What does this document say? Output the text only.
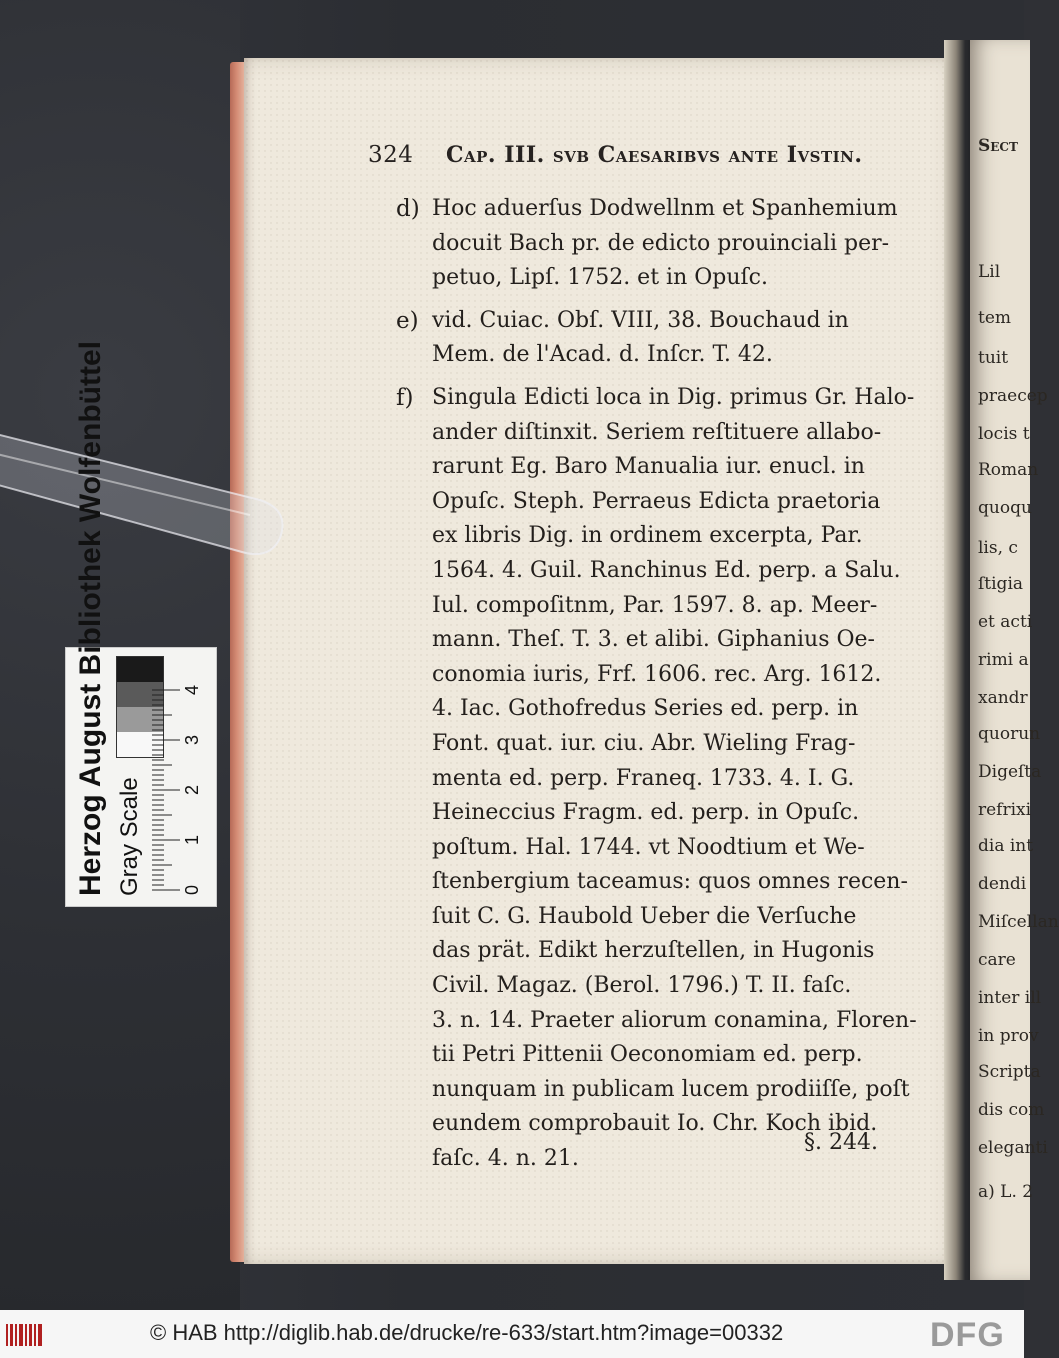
Sect
Lil
tem
tuit
praecep
locis t
Roman
quoqu
lis, c
ſtigia
et acti
rimi a
xandr
quorun
Digeſta
refrixi
dia int
dendi
Miſcellan
care
inter ill
in prov
Scripta
dis com
eleganti
a) L. 2
324 Cap. III. svb Caesaribvs ante Ivstin.
d) Hoc aduerſus Dodwellnm et Spanhemium
docuit Bach pr. de edicto prouinciali per-
petuo, Lipſ. 1752. et in Opuſc.
e) vid. Cuiac. Obſ. VIII, 38. Bouchaud in
Mem. de l'Acad. d. Inſcr. T. 42.
f) Singula Edicti loca in Dig. primus Gr. Halo-
ander diſtinxit. Seriem reſtituere allabo-
rarunt Eg. Baro Manualia iur. enucl. in
Opuſc. Steph. Perraeus Edicta praetoria
ex libris Dig. in ordinem excerpta, Par.
1564. 4. Guil. Ranchinus Ed. perp. a Salu.
Iul. compoſitnm, Par. 1597. 8. ap. Meer-
mann. Theſ. T. 3. et alibi. Giphanius Oe-
conomia iuris, Frf. 1606. rec. Arg. 1612.
4. Iac. Gothofredus Series ed. perp. in
Font. quat. iur. ciu. Abr. Wieling Frag-
menta ed. perp. Franeq. 1733. 4. I. G.
Heineccius Fragm. ed. perp. in Opuſc.
poſtum. Hal. 1744. vt Noodtium et We-
ſtenbergium taceamus: quos omnes recen-
ſuit C. G. Haubold Ueber die Verſuche
das prät. Edikt herzuſtellen, in Hugonis
Civil. Magaz. (Berol. 1796.) T. II. faſc.
3. n. 14. Praeter aliorum conamina, Floren-
tii Petri Pittenii Oeconomiam ed. perp.
nunquam in publicam lucem prodiiſſe, poſt
eundem comprobauit Io. Chr. Koch ibid.
faſc. 4. n. 21.
§. 244.
Herzog August Bibliothek Wolfenbüttel Gray Scale 0
1
2
3
4
© HAB http://diglib.hab.de/drucke/re-633/start.htm?image=00332	DFG
